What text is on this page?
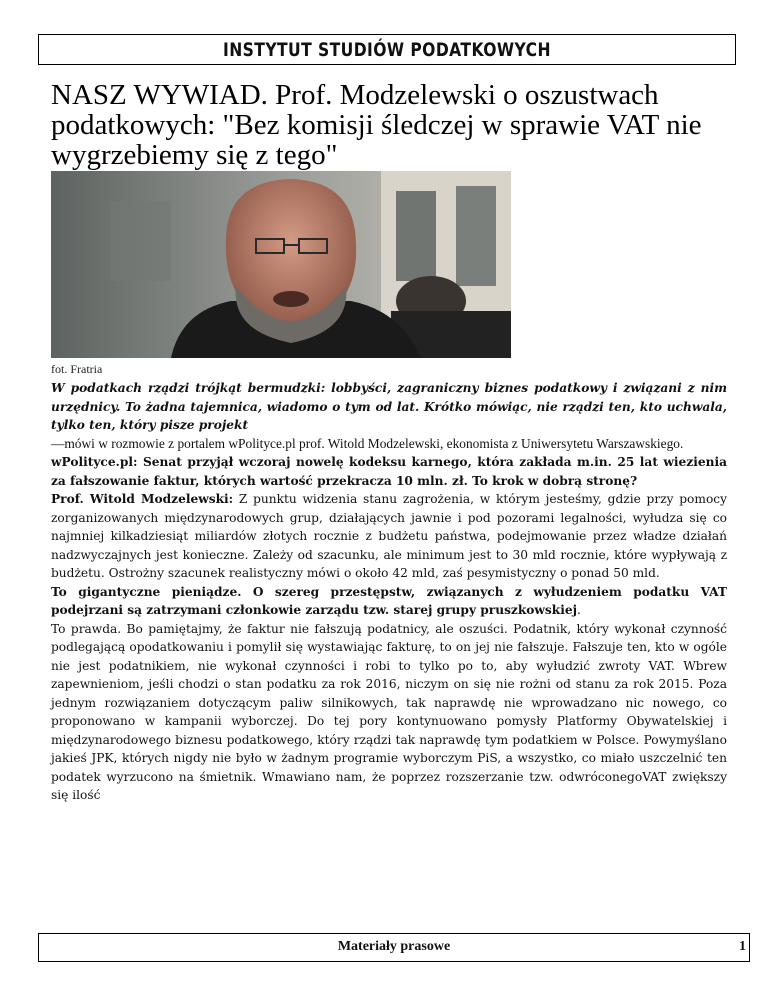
INSTYTUT STUDIÓW PODATKOWYCH
NASZ WYWIAD. Prof. Modzelewski o oszustwach podatkowych: "Bez komisji śledczej w sprawie VAT nie wygrzebiemy się z tego"

fot. Fratria

W podatkach rządzi trójkąt bermudzki: lobbyści, zagraniczny biznes podatkowy i związani z nim urzędnicy. To żadna tajemnica, wiadomo o tym od lat. Krótko mówiąc, nie rządzi ten, kto uchwala, tylko ten, który pisze projekt

—mówi w rozmowie z portalem wPolityce.pl prof. Witold Modzelewski, ekonomista z Uniwersytetu Warszawskiego.

wPolityce.pl: Senat przyjął wczoraj nowelę kodeksu karnego, która zakłada m.in. 25 lat wiezienia za fałszowanie faktur, których wartość przekracza 10 mln. zł. To krok w dobrą stronę?

Prof. Witold Modzelewski: Z punktu widzenia stanu zagrożenia, w którym jesteśmy, gdzie przy pomocy zorganizowanych międzynarodowych grup, działających jawnie i pod pozorami legalności, wyłudza się co najmniej kilkadziesiąt miliardów złotych rocznie z budżetu państwa, podejmowanie przez władze działań nadzwyczajnych jest konieczne. Zależy od szacunku, ale minimum jest to 30 mld rocznie, które wypływają z budżetu. Ostrożny szacunek realistyczny mówi o około 42 mld, zaś pesymistyczny o ponad 50 mld.

To gigantyczne pieniądze. O szereg przestępstw, związanych z wyłudzeniem podatku VAT podejrzani są zatrzymani członkowie zarządu tzw. starej grupy pruszkowskiej.

To prawda. Bo pamiętajmy, że faktur nie fałszują podatnicy, ale oszuści. Podatnik, który wykonał czynność podlegającą opodatkowaniu i pomylił się wystawiając fakturę, to on jej nie fałszuje. Fałszuje ten, kto w ogóle nie jest podatnikiem, nie wykonał czynności i robi to tylko po to, aby wyłudzić zwroty VAT. Wbrew zapewnieniom, jeśli chodzi o stan podatku za rok 2016, niczym on się nie rożni od stanu za rok 2015. Poza jednym rozwiązaniem dotyczącym paliw silnikowych, tak naprawdę nie wprowadzano nic nowego, co proponowano w kampanii wyborczej. Do tej pory kontynuowano pomysły Platformy Obywatelskiej i międzynarodowego biznesu podatkowego, który rządzi tak naprawdę tym podatkiem w Polsce. Powymyślano jakieś JPK, których nigdy nie było w żadnym programie wyborczym PiS, a wszystko, co miało uszczelnić ten podatek wyrzucono na śmietnik. Wmawiano nam, że poprzez rozszerzanie tzw. odwróconegoVAT zwiększy się ilość

Materiały prasowe	1
